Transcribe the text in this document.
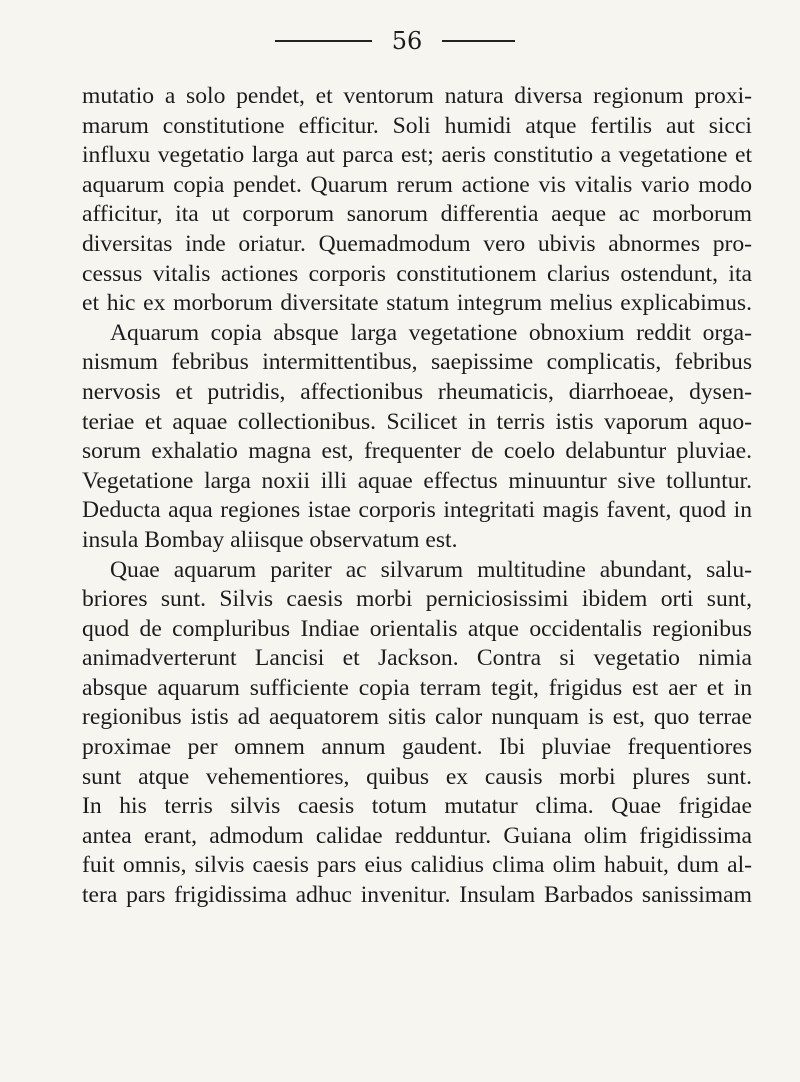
56
mutatio a solo pendet, et ventorum natura diversa regionum proxi-
marum constitutione efficitur. Soli humidi atque fertilis aut sicci
influxu vegetatio larga aut parca est; aeris constitutio a vegetatione et
aquarum copia pendet. Quarum rerum actione vis vitalis vario modo
afficitur, ita ut corporum sanorum differentia aeque ac morborum
diversitas inde oriatur. Quemadmodum vero ubivis abnormes pro-
cessus vitalis actiones corporis constitutionem clarius ostendunt, ita
et hic ex morborum diversitate statum integrum melius explicabimus.
Aquarum copia absque larga vegetatione obnoxium reddit orga-
nismum febribus intermittentibus, saepissime complicatis, febribus
nervosis et putridis, affectionibus rheumaticis, diarrhoeae, dysen-
teriae et aquae collectionibus. Scilicet in terris istis vaporum aquo-
sorum exhalatio magna est, frequenter de coelo delabuntur pluviae.
Vegetatione larga noxii illi aquae effectus minuuntur sive tolluntur.
Deducta aqua regiones istae corporis integritati magis favent, quod in
insula Bombay aliisque observatum est.
Quae aquarum pariter ac silvarum multitudine abundant, salu-
briores sunt. Silvis caesis morbi perniciosissimi ibidem orti sunt,
quod de compluribus Indiae orientalis atque occidentalis regionibus
animadverterunt Lancisi et Jackson. Contra si vegetatio nimia
absque aquarum sufficiente copia terram tegit, frigidus est aer et in
regionibus istis ad aequatorem sitis calor nunquam is est, quo terrae
proximae per omnem annum gaudent. Ibi pluviae frequentiores
sunt atque vehementiores, quibus ex causis morbi plures sunt.
In his terris silvis caesis totum mutatur clima. Quae frigidae
antea erant, admodum calidae redduntur. Guiana olim frigidissima
fuit omnis, silvis caesis pars eius calidius clima olim habuit, dum al-
tera pars frigidissima adhuc invenitur. Insulam Barbados sanissimam
